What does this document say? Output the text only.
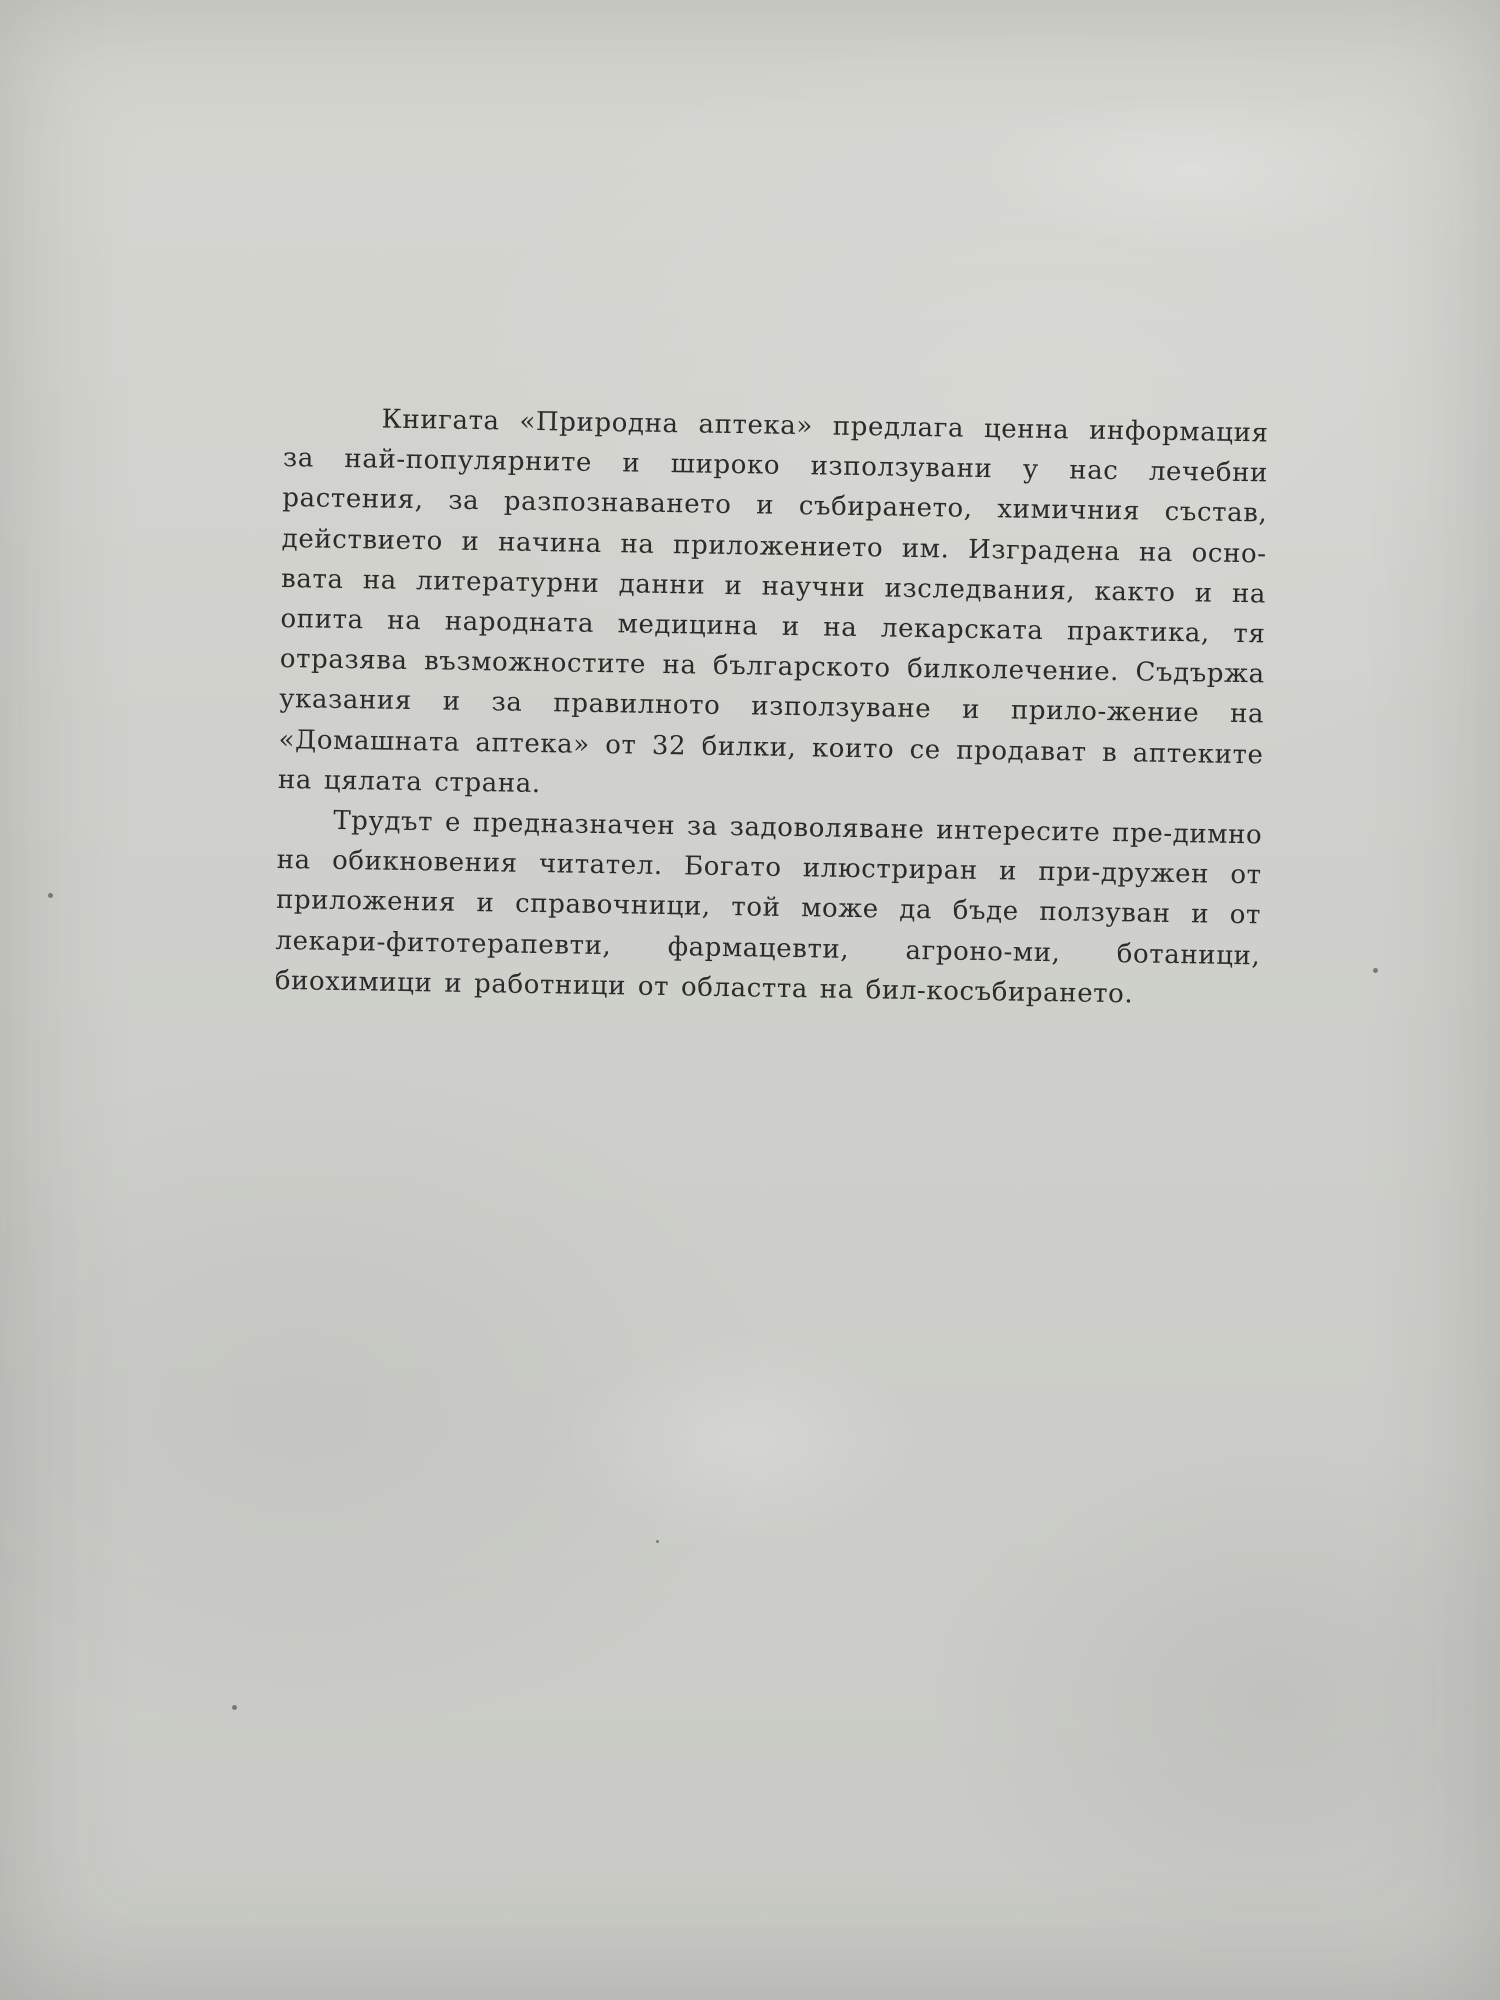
Книгата «Природна аптека» предлага ценна информация за най-популярните и широко използувани у нас лечебни растения, за разпознаването и събирането, химичния състав, действието и начина на приложението им. Изградена на осно-вата на литературни данни и научни изследвания, както и на опита на народната медицина и на лекарската практика, тя отразява възможностите на българското билколечение. Съдържа указания и за правилното използуване и прило-жение на «Домашната аптека» от 32 билки, които се продават в аптеките на цялата страна.

Трудът е предназначен за задоволяване интересите пре-димно на обикновения читател. Богато илюстриран и при-дружен от приложения и справочници, той може да бъде ползуван и от лекари-фитотерапевти, фармацевти, агроно-ми, ботаници, биохимици и работници от областта на бил-косъбирането.
